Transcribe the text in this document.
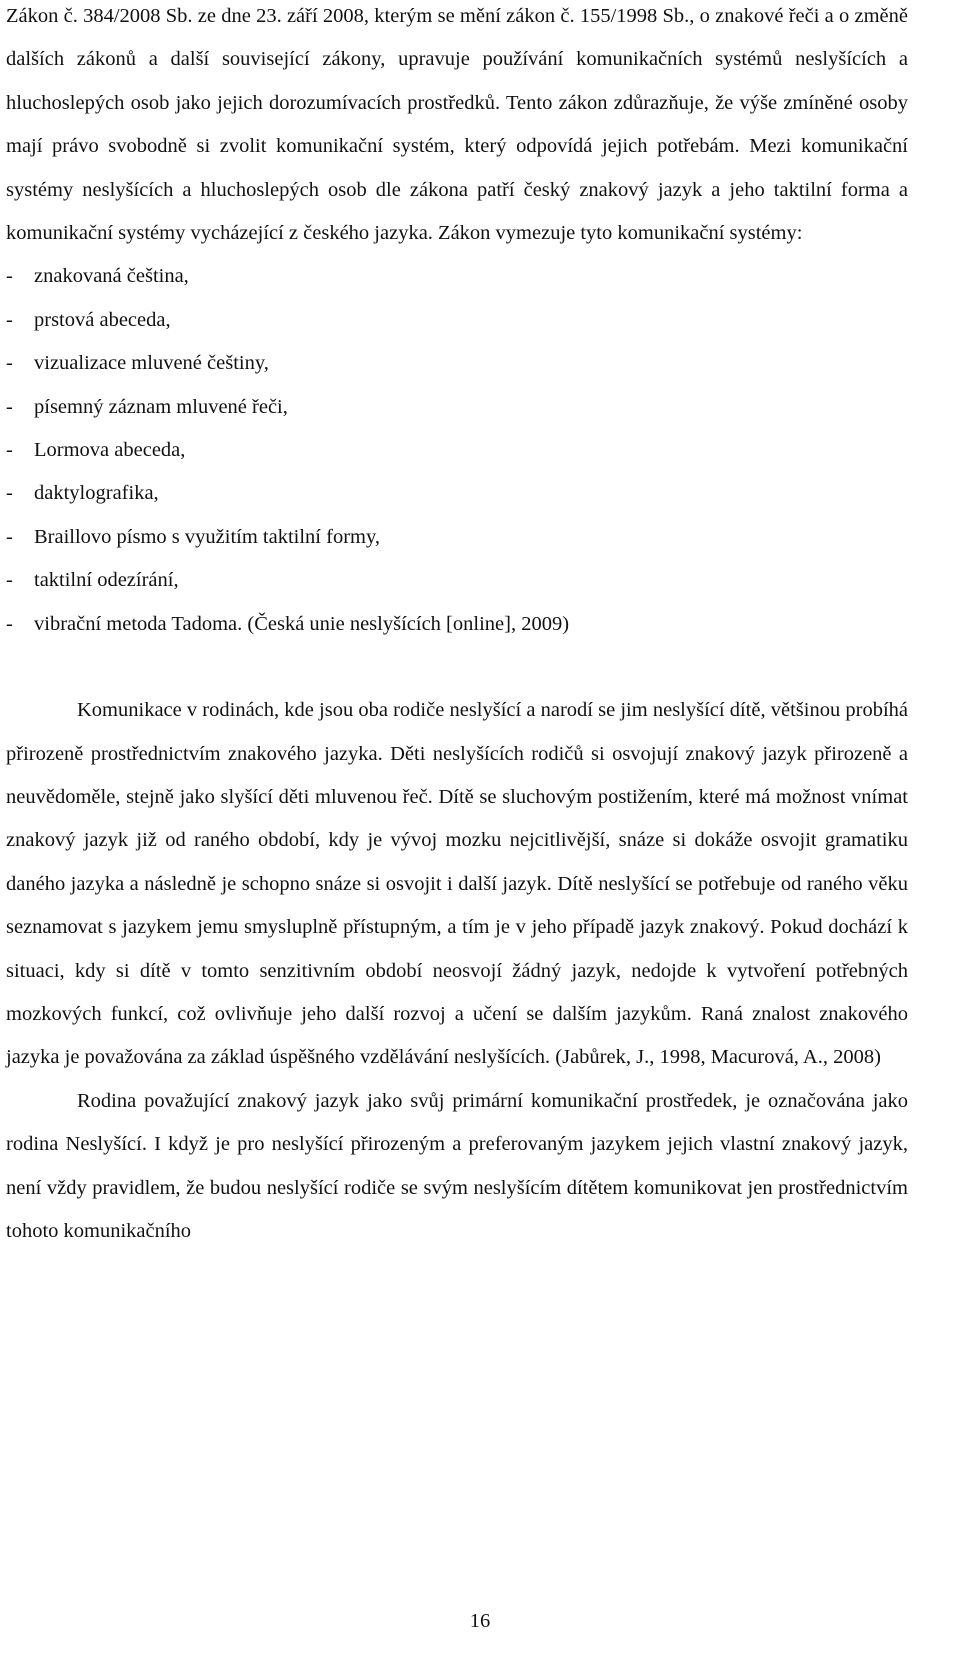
Zákon č. 384/2008 Sb. ze dne 23. září 2008, kterým se mění zákon č. 155/1998 Sb., o znakové řeči a o změně dalších zákonů a další související zákony, upravuje používání komunikačních systémů neslyšících a hluchoslepých osob jako jejich dorozumívacích prostředků. Tento zákon zdůrazňuje, že výše zmíněné osoby mají právo svobodně si zvolit komunikační systém, který odpovídá jejich potřebám. Mezi komunikační systémy neslyšících a hluchoslepých osob dle zákona patří český znakový jazyk a jeho taktilní forma a komunikační systémy vycházející z českého jazyka. Zákon vymezuje tyto komunikační systémy:

- znakovaná čeština,
- prstová abeceda,
- vizualizace mluvené češtiny,
- písemný záznam mluvené řeči,
- Lormova abeceda,
- daktylografika,
- Braillovo písmo s využitím taktilní formy,
- taktilní odezírání,
- vibrační metoda Tadoma. (Česká unie neslyšících [online], 2009)

Komunikace v rodinách, kde jsou oba rodiče neslyšící a narodí se jim neslyšící dítě, většinou probíhá přirozeně prostřednictvím znakového jazyka. Děti neslyšících rodičů si osvojují znakový jazyk přirozeně a neuvědoměle, stejně jako slyšící děti mluvenou řeč. Dítě se sluchovým postižením, které má možnost vnímat znakový jazyk již od raného období, kdy je vývoj mozku nejcitlivější, snáze si dokáže osvojit gramatiku daného jazyka a následně je schopno snáze si osvojit i další jazyk. Dítě neslyšící se potřebuje od raného věku seznamovat s jazykem jemu smysluplně přístupným, a tím je v jeho případě jazyk znakový. Pokud dochází k situaci, kdy si dítě v tomto senzitivním období neosvojí žádný jazyk, nedojde k vytvoření potřebných mozkových funkcí, což ovlivňuje jeho další rozvoj a učení se dalším jazykům. Raná znalost znakového jazyka je považována za základ úspěšného vzdělávání neslyšících. (Jabůrek, J., 1998, Macurová, A., 2008)

Rodina považující znakový jazyk jako svůj primární komunikační prostředek, je označována jako rodina Neslyšící. I když je pro neslyšící přirozeným a preferovaným jazykem jejich vlastní znakový jazyk, není vždy pravidlem, že budou neslyšící rodiče se svým neslyšícím dítětem komunikovat jen prostřednictvím tohoto komunikačního

16
